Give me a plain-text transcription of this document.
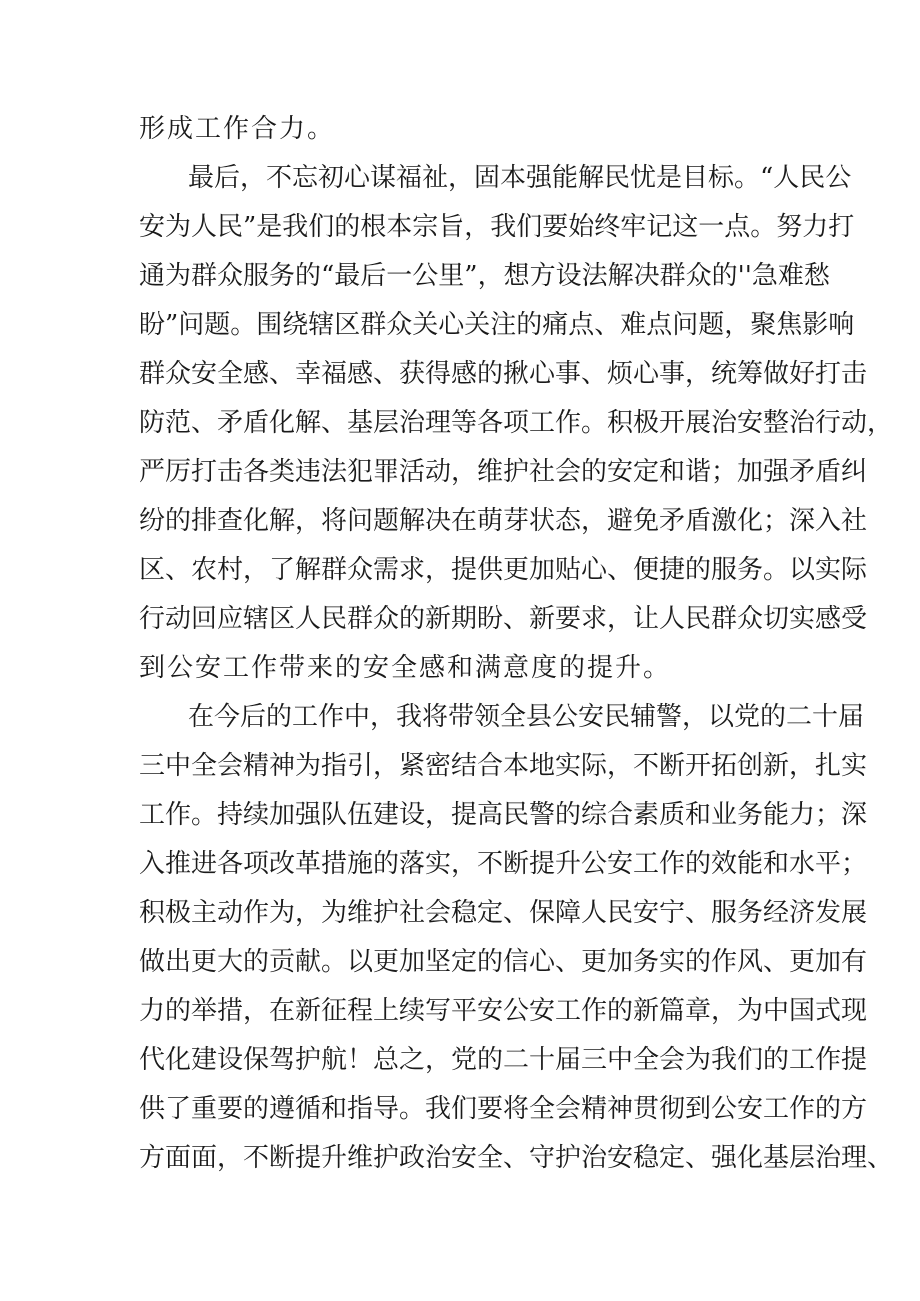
形成工作合力。
最后，不忘初心谋福祉，固本强能解民忧是目标。“人民公
安为人民”是我们的根本宗旨，我们要始终牢记这一点。努力打
通为群众服务的“最后一公里”，想方设法解决群众的''急难愁
盼”问题。围绕辖区群众关心关注的痛点、难点问题，聚焦影响
群众安全感、幸福感、获得感的揪心事、烦心事，统筹做好打击
防范、矛盾化解、基层治理等各项工作。积极开展治安整治行动，
严厉打击各类违法犯罪活动，维护社会的安定和谐；加强矛盾纠
纷的排查化解，将问题解决在萌芽状态，避免矛盾激化；深入社
区、农村，了解群众需求，提供更加贴心、便捷的服务。以实际
行动回应辖区人民群众的新期盼、新要求，让人民群众切实感受
到公安工作带来的安全感和满意度的提升。
在今后的工作中，我将带领全县公安民辅警，以党的二十届
三中全会精神为指引，紧密结合本地实际，不断开拓创新，扎实
工作。持续加强队伍建设，提高民警的综合素质和业务能力；深
入推进各项改革措施的落实，不断提升公安工作的效能和水平；
积极主动作为，为维护社会稳定、保障人民安宁、服务经济发展
做出更大的贡献。以更加坚定的信心、更加务实的作风、更加有
力的举措，在新征程上续写平安公安工作的新篇章，为中国式现
代化建设保驾护航！总之，党的二十届三中全会为我们的工作提
供了重要的遵循和指导。我们要将全会精神贯彻到公安工作的方
方面面，不断提升维护政治安全、守护治安稳定、强化基层治理、
